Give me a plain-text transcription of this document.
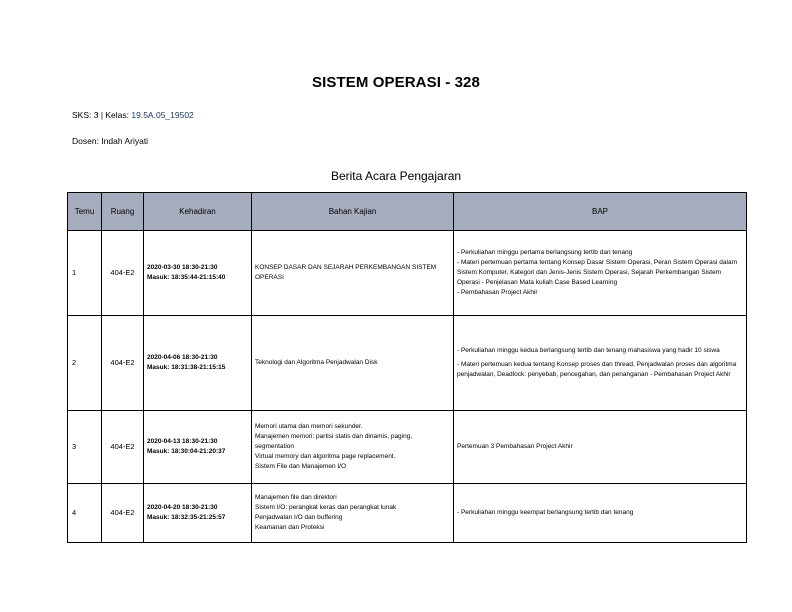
SISTEM OPERASI - 328
SKS: 3 | Kelas: 19.5A.05_19502
Dosen: Indah Ariyati
Berita Acara Pengajaran
Temu	Ruang	Kehadiran	Bahan Kajian	BAP
1	404-E2	2020-03-30 18:30-21:30
Masuk: 18:35:44-21:15:40	KONSEP DASAR DAN SEJARAH PERKEMBANGAN SISTEM OPERASI	- Perkuliahan minggu pertama berlangsung tertib dan tenang
- Materi pertemuan pertama tentang Konsep Dasar Sistem Operasi, Peran Sistem Operasi dalam Sistem Komputer, Kategori dan Jenis-Jenis Sistem Operasi, Sejarah Perkembangan Sistem Operasi - Penjelasan Mata kuliah Case Based Learning
- Pembahasan Project Akhir

2	404-E2	2020-04-06 18:30-21:30
Masuk: 18:31:38-21:15:15	Teknologi dan Algoritma Penjadwalan Disk	- Perkuliahan minggu kedua berlangsung tertib dan tenang mahasiswa yang hadir 10 siswa
- Materi pertemuan kedua tentang Konsep proses dan thread, Penjadwalan proses dan algoritma penjadwalan, Deadlock: penyebab, pencegahan, dan penanganan - Pembahasan Project Akhir

3	404-E2	2020-04-13 18:30-21:30
Masuk: 18:30:04-21:20:37	Memori utama dan memori sekunder.
Manajemen memori: partisi statis dan dinamis, paging, segmentation
Virtual memory dan algoritma page replacement.
Sistem File dan Manajemen I/O	Pertemuan 3 Pembahasan Project Akhir

4	404-E2	2020-04-20 18:30-21:30
Masuk: 18:32:35-21:25:57	Manajemen file dan direktori
Sistem I/O: perangkat keras dan perangkat lunak
Penjadwalan I/O dan buffering
Keamanan dan Proteksi	- Perkuliahan minggu keempat berlangsung tertib dan tenang
